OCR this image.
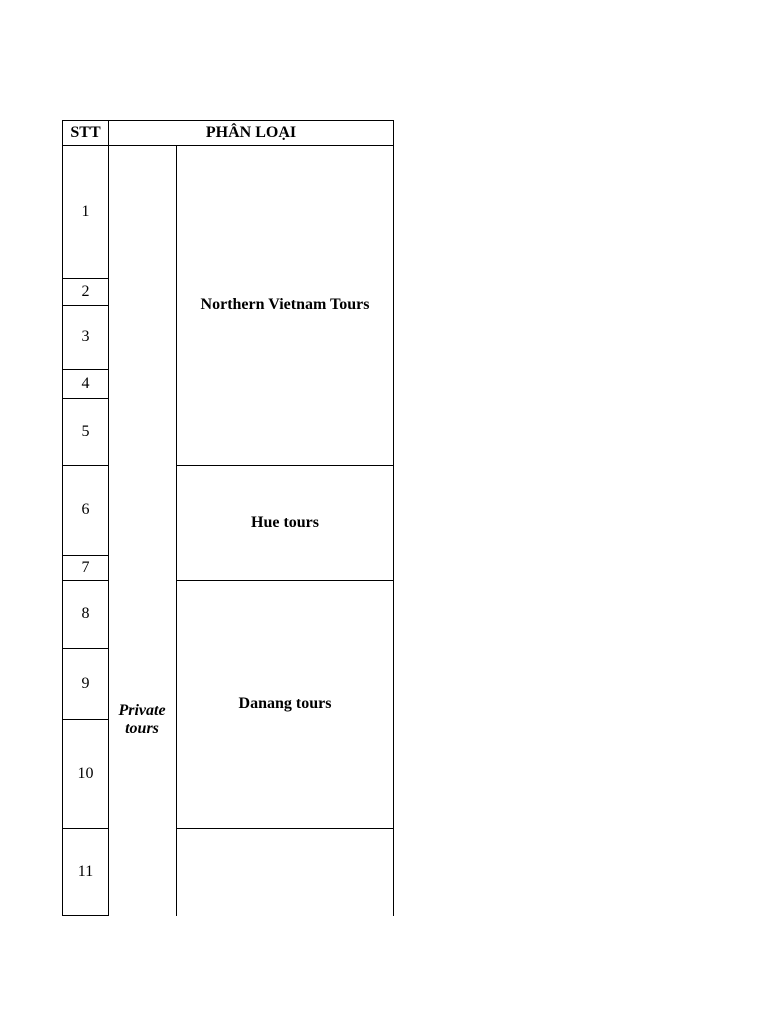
STT	PHÂN LOẠI
1
2
3
4
5
6
7
8
9
10
11
Private tours
Northern Vietnam Tours
Hue tours
Danang tours
